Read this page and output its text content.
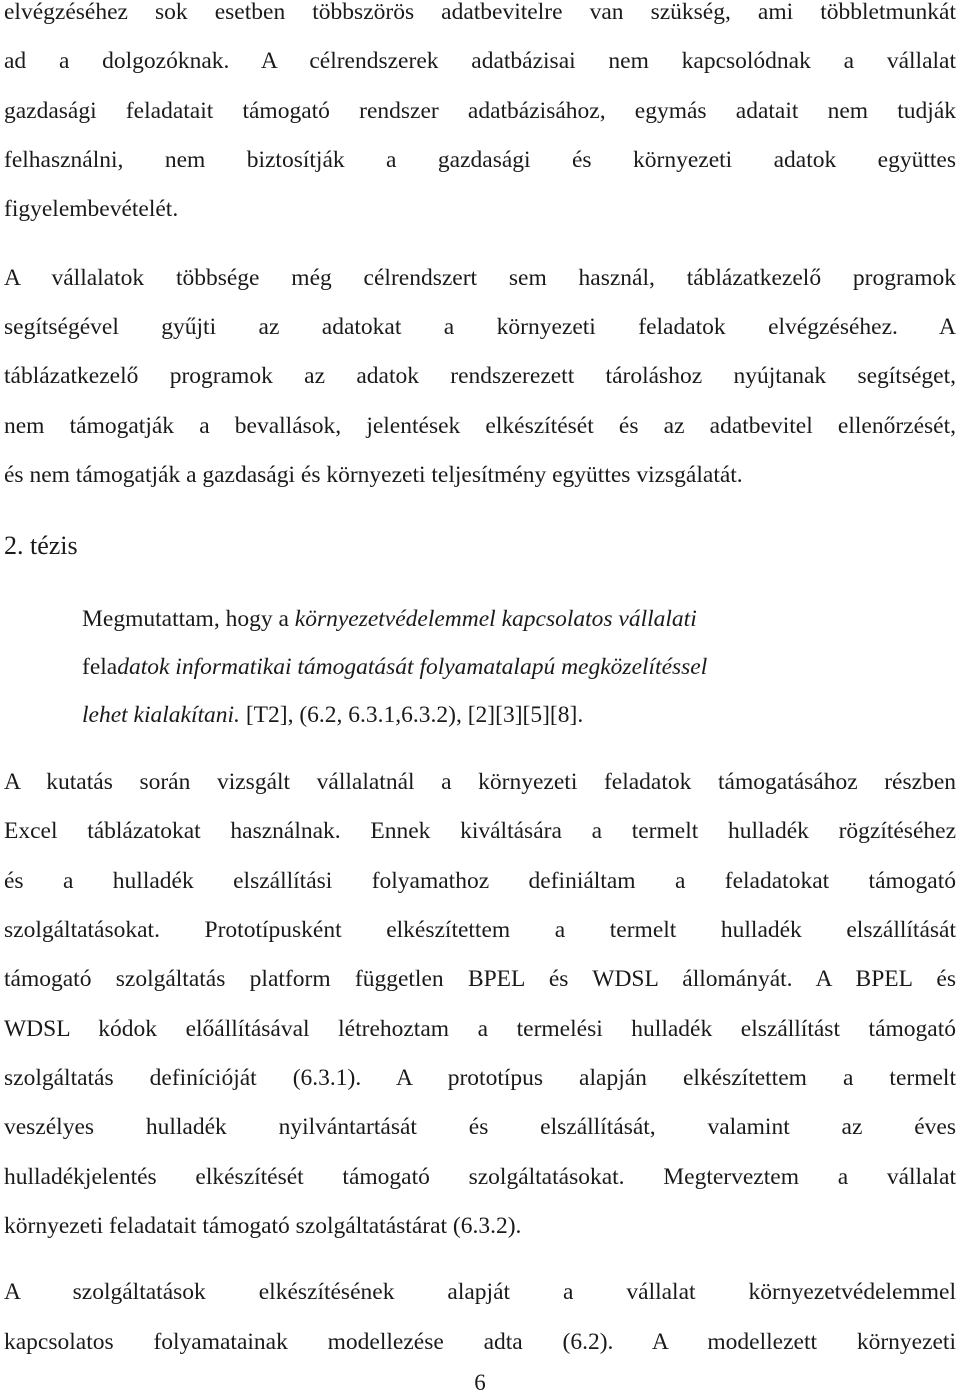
elvégzéséhez sok esetben többszörös adatbevitelre van szükség, ami többletmunkát

ad a dolgozóknak. A célrendszerek adatbázisai nem kapcsolódnak a vállalat

gazdasági feladatait támogató rendszer adatbázisához, egymás adatait nem tudják

felhasználni, nem biztosítják a gazdasági és környezeti adatok együttes

figyelembevételét.

A vállalatok többsége még célrendszert sem használ, táblázatkezelő programok

segítségével gyűjti az adatokat a környezeti feladatok elvégzéséhez. A

táblázatkezelő programok az adatok rendszerezett tároláshoz nyújtanak segítséget,

nem támogatják a bevallások, jelentések elkészítését és az adatbevitel ellenőrzését,

és nem támogatják a gazdasági és környezeti teljesítmény együttes vizsgálatát.

2. tézis
Megmutattam, hogy a környezetvédelemmel kapcsolatos vállalati
feladatok informatikai támogatását folyamatalapú megközelítéssel
lehet kialakítani. [T2], (6.2, 6.3.1,6.3.2), [2][3][5][8].

A kutatás során vizsgált vállalatnál a környezeti feladatok támogatásához részben

Excel táblázatokat használnak. Ennek kiváltására a termelt hulladék rögzítéséhez

és a hulladék elszállítási folyamathoz definiáltam a feladatokat támogató

szolgáltatásokat. Prototípusként elkészítettem a termelt hulladék elszállítását

támogató szolgáltatás platform független BPEL és WDSL állományát. A BPEL és

WDSL kódok előállításával létrehoztam a termelési hulladék elszállítást támogató

szolgáltatás definícióját (6.3.1). A prototípus alapján elkészítettem a termelt

veszélyes hulladék nyilvántartását és elszállítását, valamint az éves

hulladékjelentés elkészítését támogató szolgáltatásokat. Megterveztem a vállalat

környezeti feladatait támogató szolgáltatástárat (6.3.2).

A szolgáltatások elkészítésének alapját a vállalat környezetvédelemmel

kapcsolatos folyamatainak modellezése adta (6.2). A modellezett környezeti

6
